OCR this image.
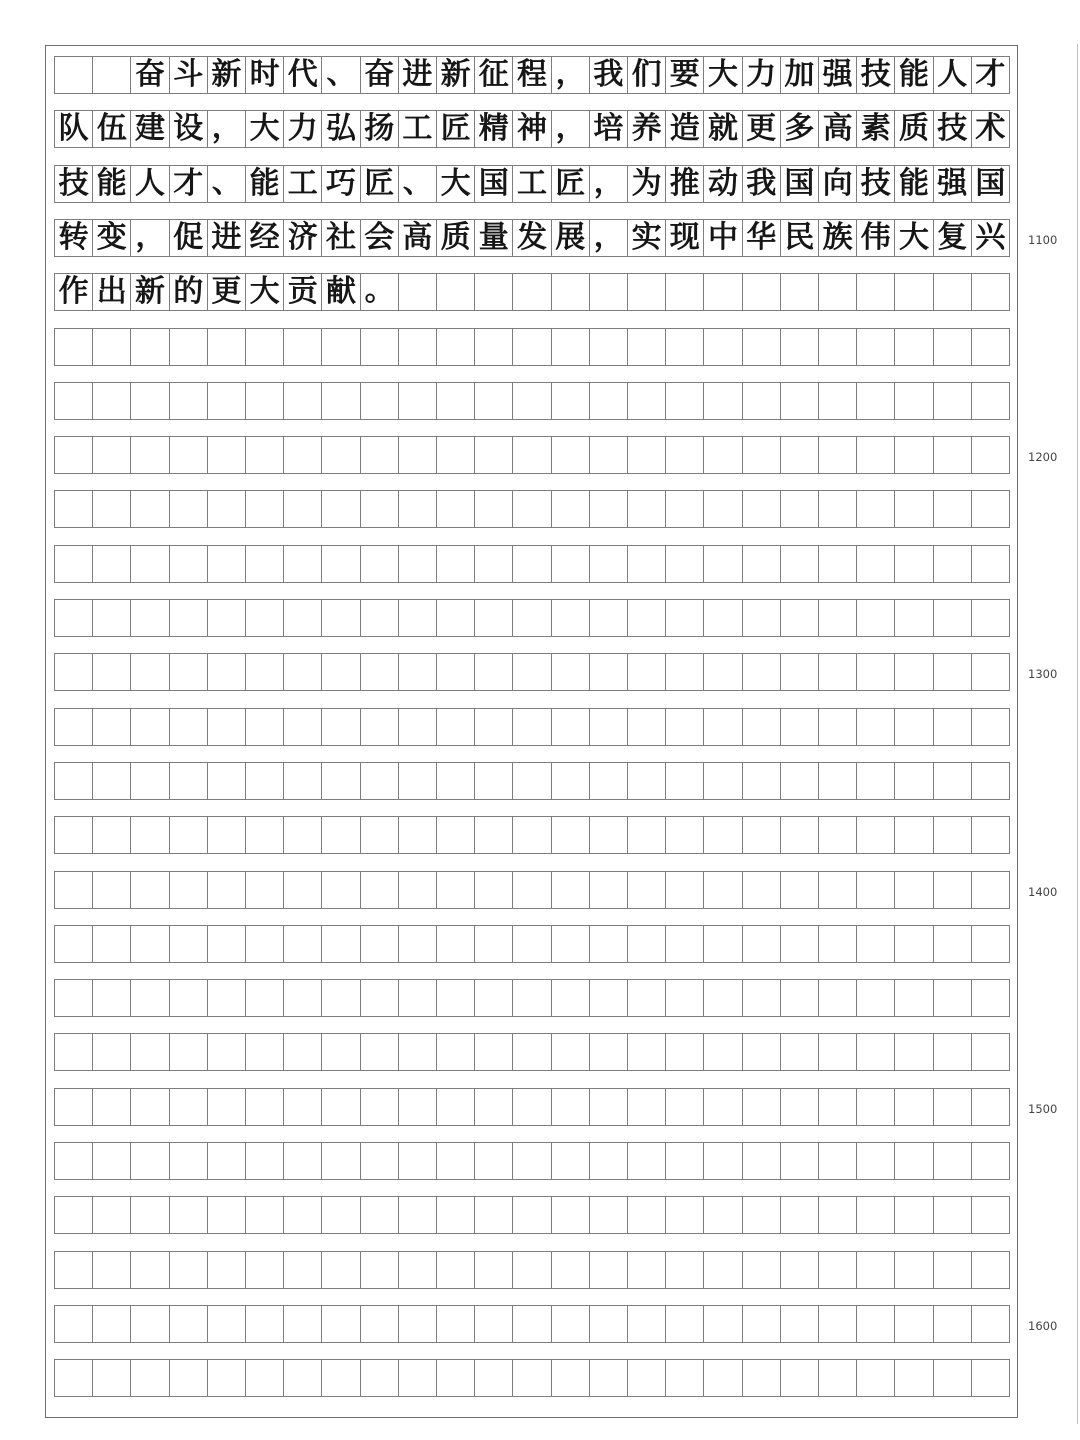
奋 斗 新 时 代 、 奋 进 新 征 程 ， 我 们 要 大 力 加 强 技 能 人 才
队 伍 建 设 ， 大 力 弘 扬 工 匠 精 神 ， 培 养 造 就 更 多 高 素 质 技 术
技 能 人 才 、 能 工 巧 匠 、 大 国 工 匠 ， 为 推 动 我 国 向 技 能 强 国
转 变 ， 促 进 经 济 社 会 高 质 量 发 展 ， 实 现 中 华 民 族 伟 大 复 兴
作 出 新 的 更 大 贡 献 。
1100
1200
1300
1400
1500
1600
